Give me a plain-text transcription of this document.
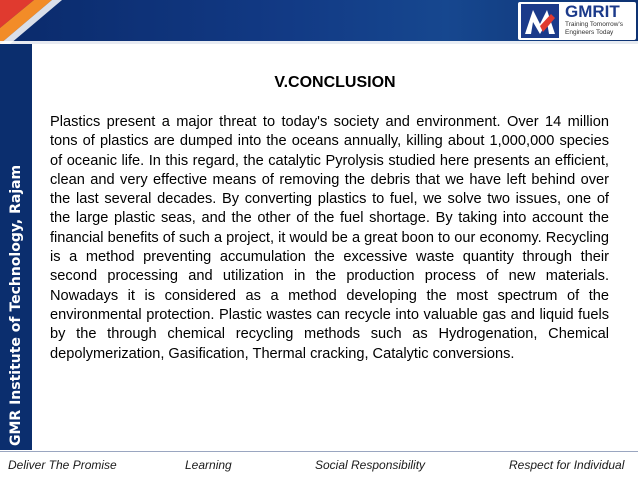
GMRIT
Training Tomorrow's
Engineers Today
GMR Institute of Technology, Rajam
V.CONCLUSION

Plastics present a major threat to today's society and environment. Over 14 million tons of plastics are dumped into the oceans annually, killing about 1,000,000 species of oceanic life. In this regard, the catalytic Pyrolysis studied here presents an efficient, clean and very effective means of removing the debris that we have left behind over the last several decades. By converting plastics to fuel, we solve two issues, one of the large plastic seas, and the other of the fuel shortage. By taking into account the financial benefits of such a project, it would be a great boon to our economy. Recycling is a method preventing accumulation the excessive waste quantity through their second processing and utilization in the production process of new materials. Nowadays it is considered as a method developing the most spectrum of the environmental protection. Plastic wastes can recycle into valuable gas and liquid fuels by the through chemical recycling methods such as Hydrogenation, Chemical depolymerization, Gasification, Thermal cracking, Catalytic conversions.

Deliver The Promise	Learning	Social Responsibility	Respect for Individual
